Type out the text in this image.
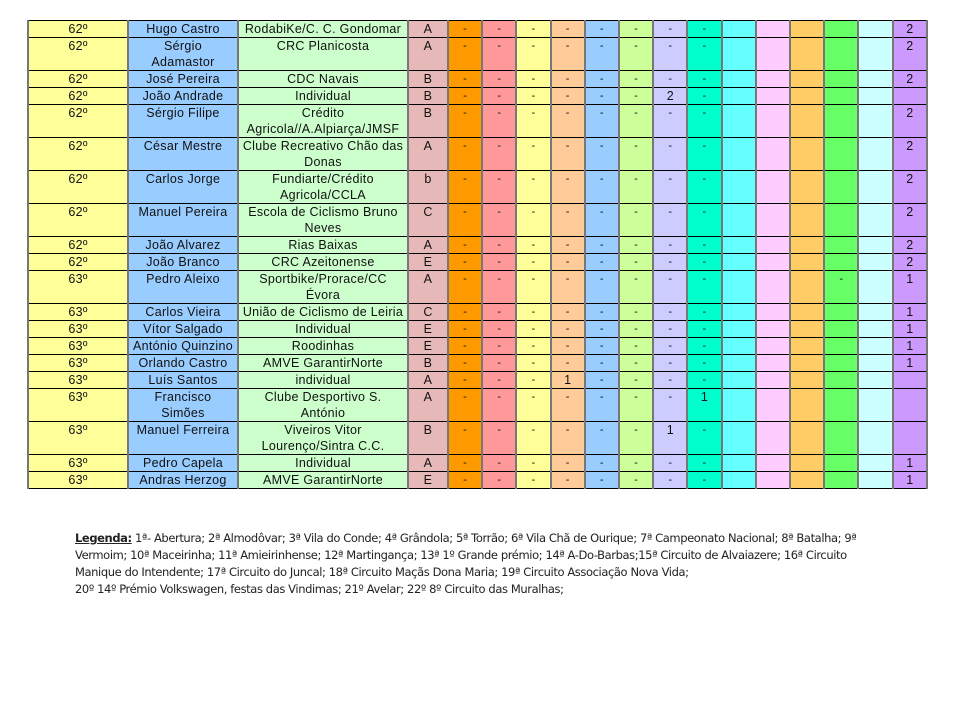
62º	Hugo Castro	RodabiKe/C. C. Gondomar	A	-	-	-	-	-	-	-	-						2
62º	Sérgio Adamastor	CRC Planicosta	A	-	-	-	-	-	-	-	-						2
62º	José Pereira	CDC Navais	B	-	-	-	-	-	-	-	-						2
62º	João Andrade	Individual	B	-	-	-	-	-	-	2	-						
62º	Sérgio Filipe	Crédito Agricola//A.Alpiarça/JMSF	B	-	-	-	-	-	-	-	-						2
62º	César Mestre	Clube Recreativo Chão das Donas	A	-	-	-	-	-	-	-	-						2
62º	Carlos Jorge	Fundiarte/Crédito Agricola/CCLA	b	-	-	-	-	-	-	-	-						2
62º	Manuel Pereira	Escola de Ciclismo Bruno Neves	C	-	-	-	-	-	-	-	-						2
62º	João Alvarez	Rias Baixas	A	-	-	-	-	-	-	-	-						2
62º	João Branco	CRC Azeitonense	E	-	-	-	-	-	-	-	-						2
63º	Pedro Aleixo	Sportbike/Prorace/CC Évora	A	-	-	-	-	-	-	-	-				-		1
63º	Carlos Vieira	União de Ciclismo de Leiria	C	-	-	-	-	-	-	-	-						1
63º	Vítor Salgado	Individual	E	-	-	-	-	-	-	-	-						1
63º	António Quinzino	Roodinhas	E	-	-	-	-	-	-	-	-						1
63º	Orlando Castro	AMVE GarantirNorte	B	-	-	-	-	-	-	-	-						1
63º	Luís Santos	individual	A	-	-	-	1	-	-	-	-						
63º	Francisco Simões	Clube Desportivo S. António	A	-	-	-	-	-	-	-	1						
63º	Manuel Ferreira	Viveiros Vitor Lourenço/Sintra C.C.	B	-	-	-	-	-	-	1	-						
63º	Pedro Capela	Individual	A	-	-	-	-	-	-	-	-						1
63º	Andras Herzog	AMVE GarantirNorte	E	-	-	-	-	-	-	-	-						1
Legenda: 1ª- Abertura; 2ª Almodôvar; 3ª Vila do Conde; 4ª Grândola; 5ª Torrão; 6ª Vila Chã de Ourique; 7ª Campeonato Nacional; 8ª Batalha; 9ª Vermoim; 10ª Maceirinha; 11ª Amieirinhense; 12ª Martingança; 13ª 1º Grande prémio; 14ª A-Do-Barbas;15ª Circuito de Alvaiazere; 16ª Circuito Manique do Intendente; 17ª Circuito do Juncal; 18ª Circuito Maçãs Dona Maria; 19ª Circuito Associação Nova Vida;
20º 14º Prémio Volkswagen, festas das Vindimas; 21º Avelar; 22º 8º Circuito das Muralhas;
